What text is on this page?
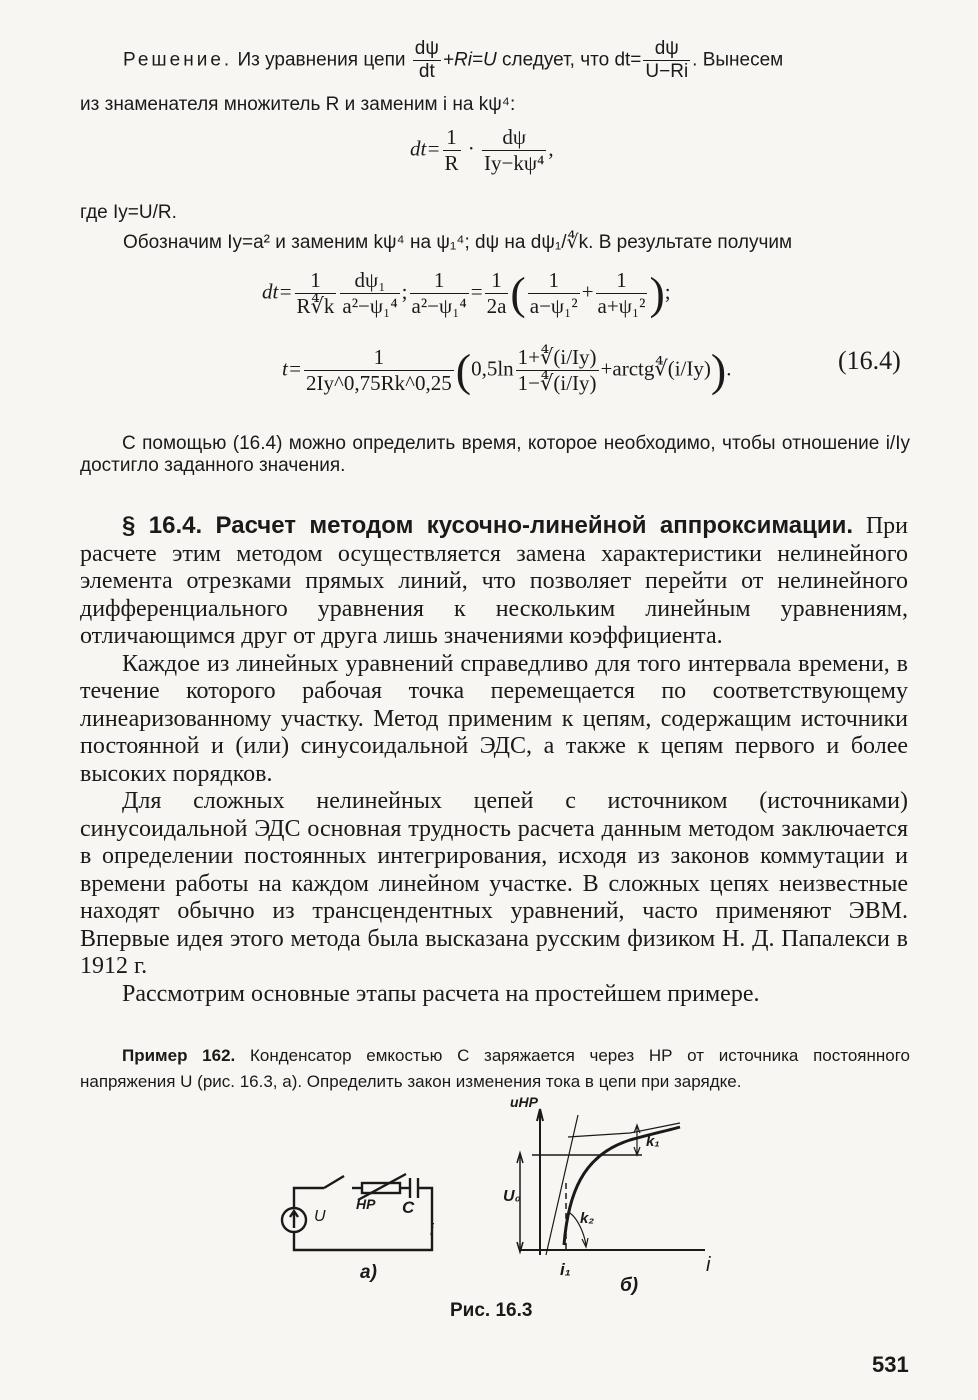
Решение. Из уравнения цепи $\frac{d\psi}{dt} +Ri=U$ следует, что $dt= \frac{d\psi}{U-Ri}$ . Вынесем
из знаменателя множитель R и заменим i на kψ⁴:
$dt= \frac{1}{R} \cdot \frac{d\psi}{\text{Iу−kψ⁴}}$ ,
где Iу=U/R.
Обозначим Iу=a² и заменим kψ⁴ на ψ₁⁴; dψ на dψ₁/∜k. В результате получим
$dt= \frac{1}{R∜k} \frac{\text{dψ₁}}{\text{a²−ψ₁⁴}}$ ; $\frac{1}{\text{a²−ψ₁⁴}} = \frac{1}{2a}$ ( $\frac{1}{\text{a−ψ₁²}} + \frac{1}{\text{a+ψ₁²}}$ );
$t= \frac{1}{2Iу\^{}0,75Rk\^{}0,25} (0,5\ln \frac{1+∜(i/Iу)}{1-∜(i/Iу)}$ +arctg∜(i/Iу)).	(16.4)
С помощью (16.4) можно определить время, которое необходимо, чтобы отношение i/Iу достигло заданного значения.

§ 16.4. Расчет методом кусочно-линейной аппроксимации. При расчете этим методом осуществляется замена характеристики нелинейного элемента отрезками прямых линий, что позволяет перейти от нелинейного дифференциального уравнения к нескольким линейным уравнениям, отличающимся друг от друга лишь значениями коэффициента.

Каждое из линейных уравнений справедливо для того интервала времени, в течение которого рабочая точка перемещается по соответствующему линеаризованному участку. Метод применим к цепям, содержащим источники постоянной и (или) синусоидальной ЭДС, а также к цепям первого и более высоких порядков.

Для сложных нелинейных цепей с источником (источниками) синусоидальной ЭДС основная трудность расчета данным методом заключается в определении постоянных интегрирования, исходя из законов коммутации и времени работы на каждом линейном участке. В сложных цепях неизвестные находят обычно из трансцендентных уравнений, часто применяют ЭВМ. Впервые идея этого метода была высказана русским физиком Н. Д. Папалекси в 1912 г.

Рассмотрим основные этапы расчета на простейшем примере.

Пример 162. Конденсатор емкостью C заряжается через НР от источника постоянного напряжения U (рис. 16.3, а). Определить закон изменения тока в цепи при зарядке.
U
НР C
i
а)
uНР
U₀
k₁
k₂
i₁	i
б)
Рис. 16.3
531
